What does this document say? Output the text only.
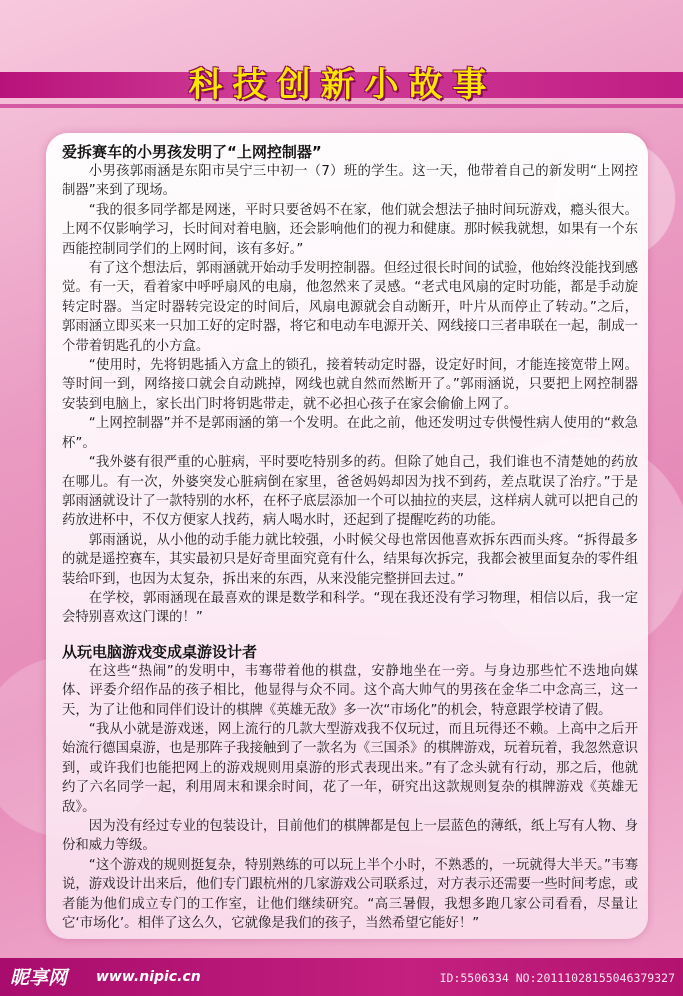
科技创新小故事
爱拆赛车的小男孩发明了“上网控制器”

小男孩郭雨涵是东阳市吴宁三中初一（7）班的学生。这一天，他带着自己的新发明“上网控制器”来到了现场。

“我的很多同学都是网迷，平时只要爸妈不在家，他们就会想法子抽时间玩游戏，瘾头很大。上网不仅影响学习，长时间对着电脑，还会影响他们的视力和健康。那时候我就想，如果有一个东西能控制同学们的上网时间，该有多好。”

有了这个想法后，郭雨涵就开始动手发明控制器。但经过很长时间的试验，他始终没能找到感觉。有一天，看着家中呼呼扇风的电扇，他忽然来了灵感。“老式电风扇的定时功能，都是手动旋转定时器。当定时器转完设定的时间后，风扇电源就会自动断开，叶片从而停止了转动。”之后，郭雨涵立即买来一只加工好的定时器，将它和电动车电源开关、网线接口三者串联在一起，制成一个带着钥匙孔的小方盒。

“使用时，先将钥匙插入方盒上的锁孔，接着转动定时器，设定好时间，才能连接宽带上网。等时间一到，网络接口就会自动跳掉，网线也就自然而然断开了。”郭雨涵说，只要把上网控制器安装到电脑上，家长出门时将钥匙带走，就不必担心孩子在家会偷偷上网了。

“上网控制器”并不是郭雨涵的第一个发明。在此之前，他还发明过专供慢性病人使用的“救急杯”。

“我外婆有很严重的心脏病，平时要吃特别多的药。但除了她自己，我们谁也不清楚她的药放在哪儿。有一次，外婆突发心脏病倒在家里，爸爸妈妈却因为找不到药，差点耽误了治疗。”于是郭雨涵就设计了一款特别的水杯，在杯子底层添加一个可以抽拉的夹层，这样病人就可以把自己的药放进杯中，不仅方便家人找药，病人喝水时，还起到了提醒吃药的功能。

郭雨涵说，从小他的动手能力就比较强，小时候父母也常因他喜欢拆东西而头疼。“拆得最多的就是遥控赛车，其实最初只是好奇里面究竟有什么，结果每次拆完，我都会被里面复杂的零件组装给吓到，也因为太复杂，拆出来的东西，从来没能完整拼回去过。”

在学校，郭雨涵现在最喜欢的课是数学和科学。“现在我还没有学习物理，相信以后，我一定会特别喜欢这门课的！”

从玩电脑游戏变成桌游设计者

在这些“热闹”的发明中，韦骞带着他的棋盘，安静地坐在一旁。与身边那些忙不迭地向媒体、评委介绍作品的孩子相比，他显得与众不同。这个高大帅气的男孩在金华二中念高三，这一天，为了让他和同伴们设计的棋牌《英雄无敌》多一次“市场化”的机会，特意跟学校请了假。

“我从小就是游戏迷，网上流行的几款大型游戏我不仅玩过，而且玩得还不赖。上高中之后开始流行德国桌游，也是那阵子我接触到了一款名为《三国杀》的棋牌游戏，玩着玩着，我忽然意识到，或许我们也能把网上的游戏规则用桌游的形式表现出来。”有了念头就有行动，那之后，他就约了六名同学一起，利用周末和课余时间，花了一年，研究出这款规则复杂的棋牌游戏《英雄无敌》。

因为没有经过专业的包装设计，目前他们的棋牌都是包上一层蓝色的薄纸，纸上写有人物、身份和威力等级。

“这个游戏的规则挺复杂，特别熟练的可以玩上半个小时，不熟悉的，一玩就得大半天。”韦骞说，游戏设计出来后，他们专门跟杭州的几家游戏公司联系过，对方表示还需要一些时间考虑，或者能为他们成立专门的工作室，让他们继续研究。“高三暑假，我想多跑几家公司看看，尽量让它‘市场化’。相伴了这么久，它就像是我们的孩子，当然希望它能好！”

昵享网 www.nipic.cn	ID:5506334 NO:20111028155046379327
